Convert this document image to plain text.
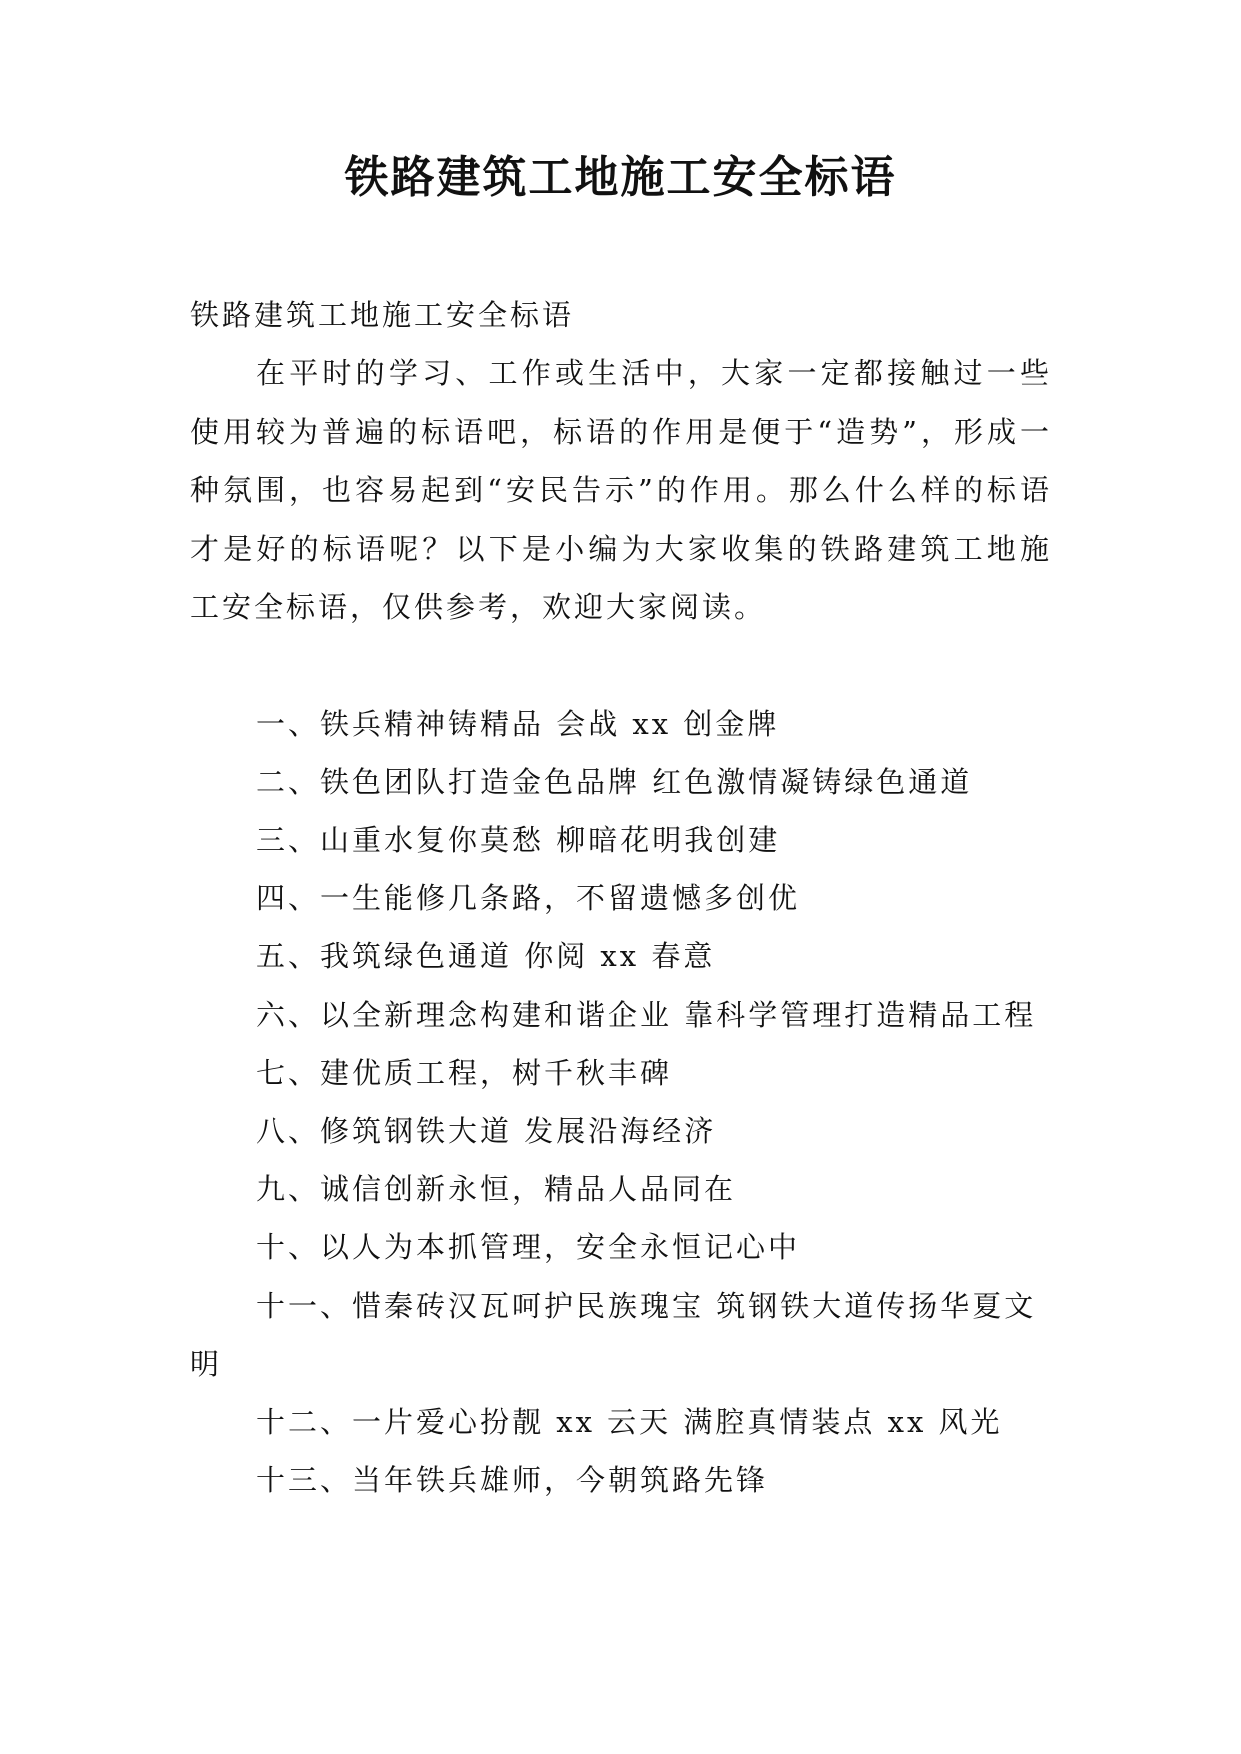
铁路建筑工地施工安全标语

铁路建筑工地施工安全标语

在平时的学习、工作或生活中，大家一定都接触过一些使用较为普遍的标语吧，标语的作用是便于“造势”，形成一种氛围，也容易起到“安民告示”的作用。那么什么样的标语才是好的标语呢？以下是小编为大家收集的铁路建筑工地施工安全标语，仅供参考，欢迎大家阅读。

一、铁兵精神铸精品 会战 xx 创金牌

二、铁色团队打造金色品牌 红色激情凝铸绿色通道

三、山重水复你莫愁 柳暗花明我创建

四、一生能修几条路，不留遗憾多创优

五、我筑绿色通道 你阅 xx 春意

六、以全新理念构建和谐企业 靠科学管理打造精品工程

七、建优质工程，树千秋丰碑

八、修筑钢铁大道 发展沿海经济

九、诚信创新永恒，精品人品同在

十、以人为本抓管理，安全永恒记心中

十一、惜秦砖汉瓦呵护民族瑰宝 筑钢铁大道传扬华夏文明

十二、一片爱心扮靓 xx 云天 满腔真情装点 xx 风光

十三、当年铁兵雄师，今朝筑路先锋
